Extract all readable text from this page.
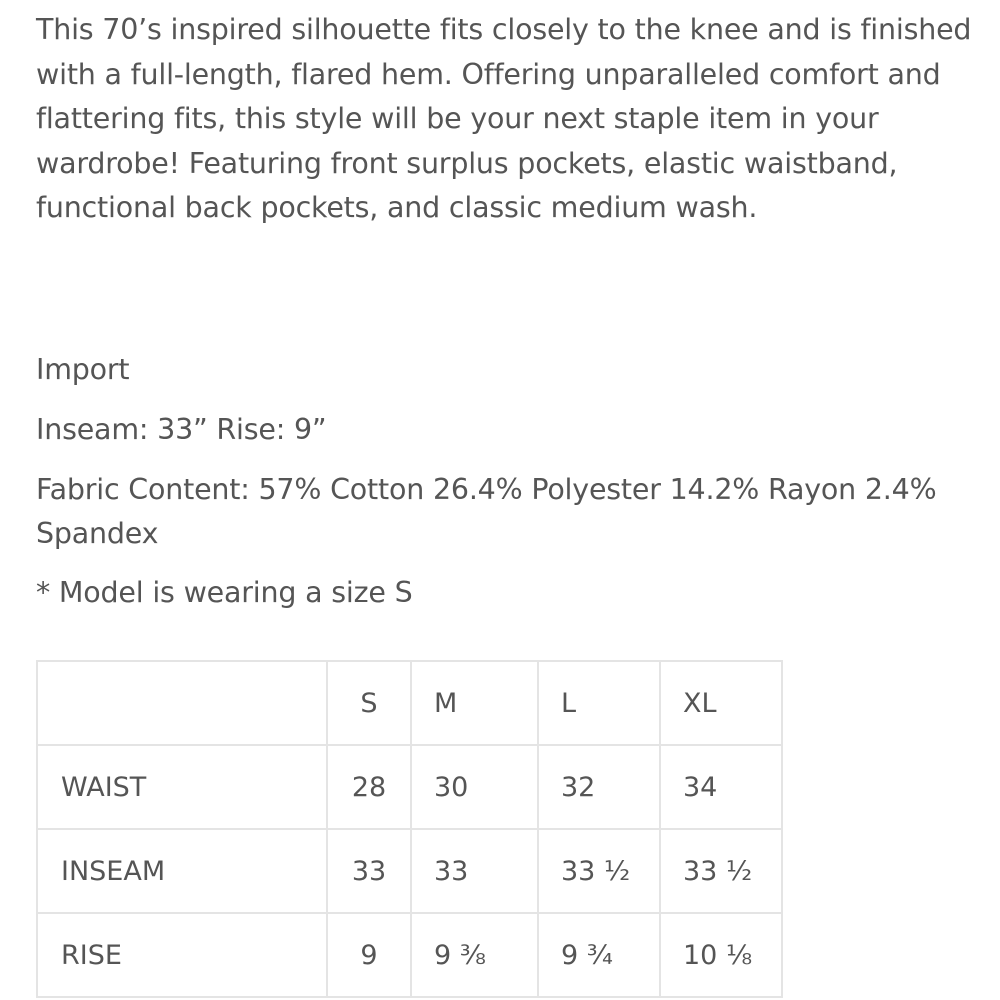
This 70’s inspired silhouette fits closely to the knee and is finished with a full-length, flared hem. Offering unparalleled comfort and flattering fits, this style will be your next staple item in your wardrobe! Featuring front surplus pockets, elastic waistband, functional back pockets, and classic medium wash.

Import

Inseam: 33” Rise: 9”

Fabric Content: 57% Cotton 26.4% Polyester 14.2% Rayon 2.4% Spandex

* Model is wearing a size S

	S	M	L	XL
WAIST	28	30	32	34
INSEAM	33	33	33 ½	33 ½
RISE	9	9 ⅜	9 ¾	10 ⅛
